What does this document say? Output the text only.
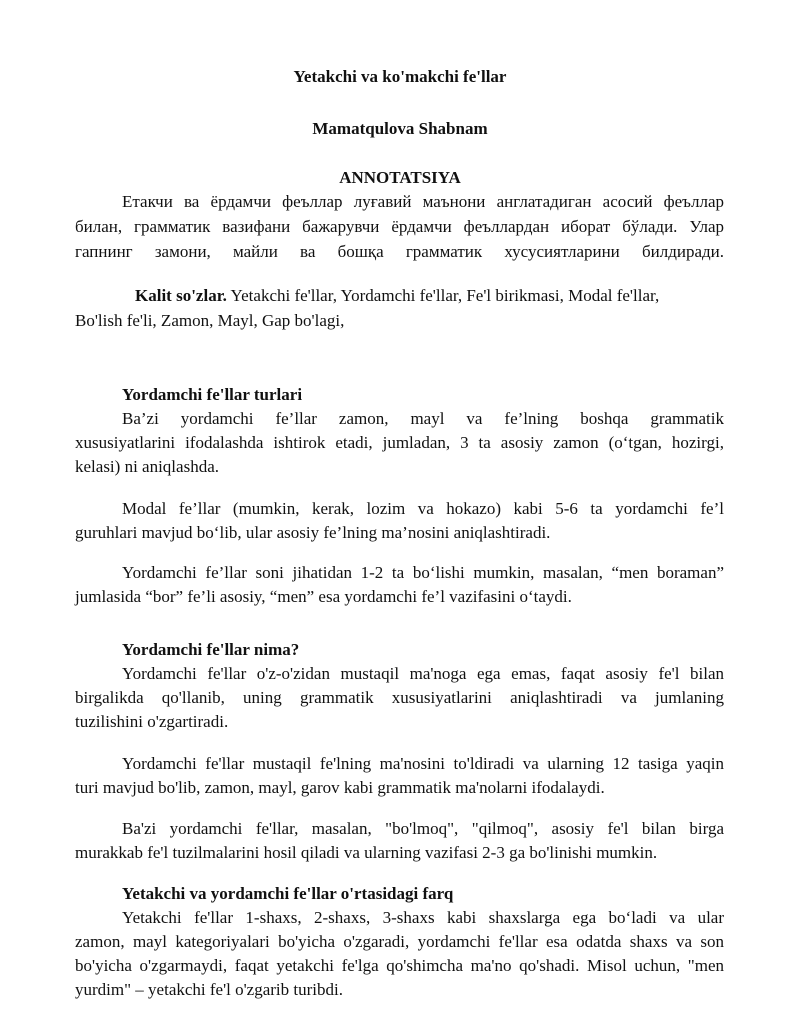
Yetakchi va ko'makchi fe'llar
Mamatqulova Shabnam
ANNOTATSIYA
Етакчи ва ёрдамчи феъллар луғавий маънони англатадиган асосий феъллар
билан, грамматик вазифани бажарувчи ёрдамчи феъллардан иборат бўлади. Улар
гапнинг замони, майли ва бошқа грамматик хусусиятларини билдиради.
Kalit so'zlar. Yetakchi fe'llar, Yordamchi fe'llar, Fe'l birikmasi, Modal fe'llar,
Bo'lish fe'li, Zamon, Mayl, Gap bo'lagi,
Yordamchi fe'llar turlari
Ba’zi yordamchi fe’llar zamon, mayl va fe’lning boshqa grammatik
xususiyatlarini ifodalashda ishtirok etadi, jumladan, 3 ta asosiy zamon (o‘tgan, hozirgi,
kelasi) ni aniqlashda.
Modal fe’llar (mumkin, kerak, lozim va hokazo) kabi 5-6 ta yordamchi fe’l
guruhlari mavjud bo‘lib, ular asosiy fe’lning ma’nosini aniqlashtiradi.
Yordamchi fe’llar soni jihatidan 1-2 ta bo‘lishi mumkin, masalan, “men boraman”
jumlasida “bor” fe’li asosiy, “men” esa yordamchi fe’l vazifasini o‘taydi.
Yordamchi fe'llar nima?
Yordamchi fe'llar o'z-o'zidan mustaqil ma'noga ega emas, faqat asosiy fe'l bilan
birgalikda qo'llanib, uning grammatik xususiyatlarini aniqlashtiradi va jumlaning
tuzilishini o'zgartiradi.
Yordamchi fe'llar mustaqil fe'lning ma'nosini to'ldiradi va ularning 12 tasiga yaqin
turi mavjud bo'lib, zamon, mayl, garov kabi grammatik ma'nolarni ifodalaydi.
Ba'zi yordamchi fe'llar, masalan, "bo'lmoq", "qilmoq", asosiy fe'l bilan birga
murakkab fe'l tuzilmalarini hosil qiladi va ularning vazifasi 2-3 ga bo'linishi mumkin.
Yetakchi va yordamchi fe'llar o'rtasidagi farq
Yetakchi fe'llar 1-shaxs, 2-shaxs, 3-shaxs kabi shaxslarga ega bo‘ladi va ular
zamon, mayl kategoriyalari bo'yicha o'zgaradi, yordamchi fe'llar esa odatda shaxs va son
bo'yicha o'zgarmaydi, faqat yetakchi fe'lga qo'shimcha ma'no qo'shadi. Misol uchun, "men
yurdim" – yetakchi fe'l o'zgarib turibdi.
